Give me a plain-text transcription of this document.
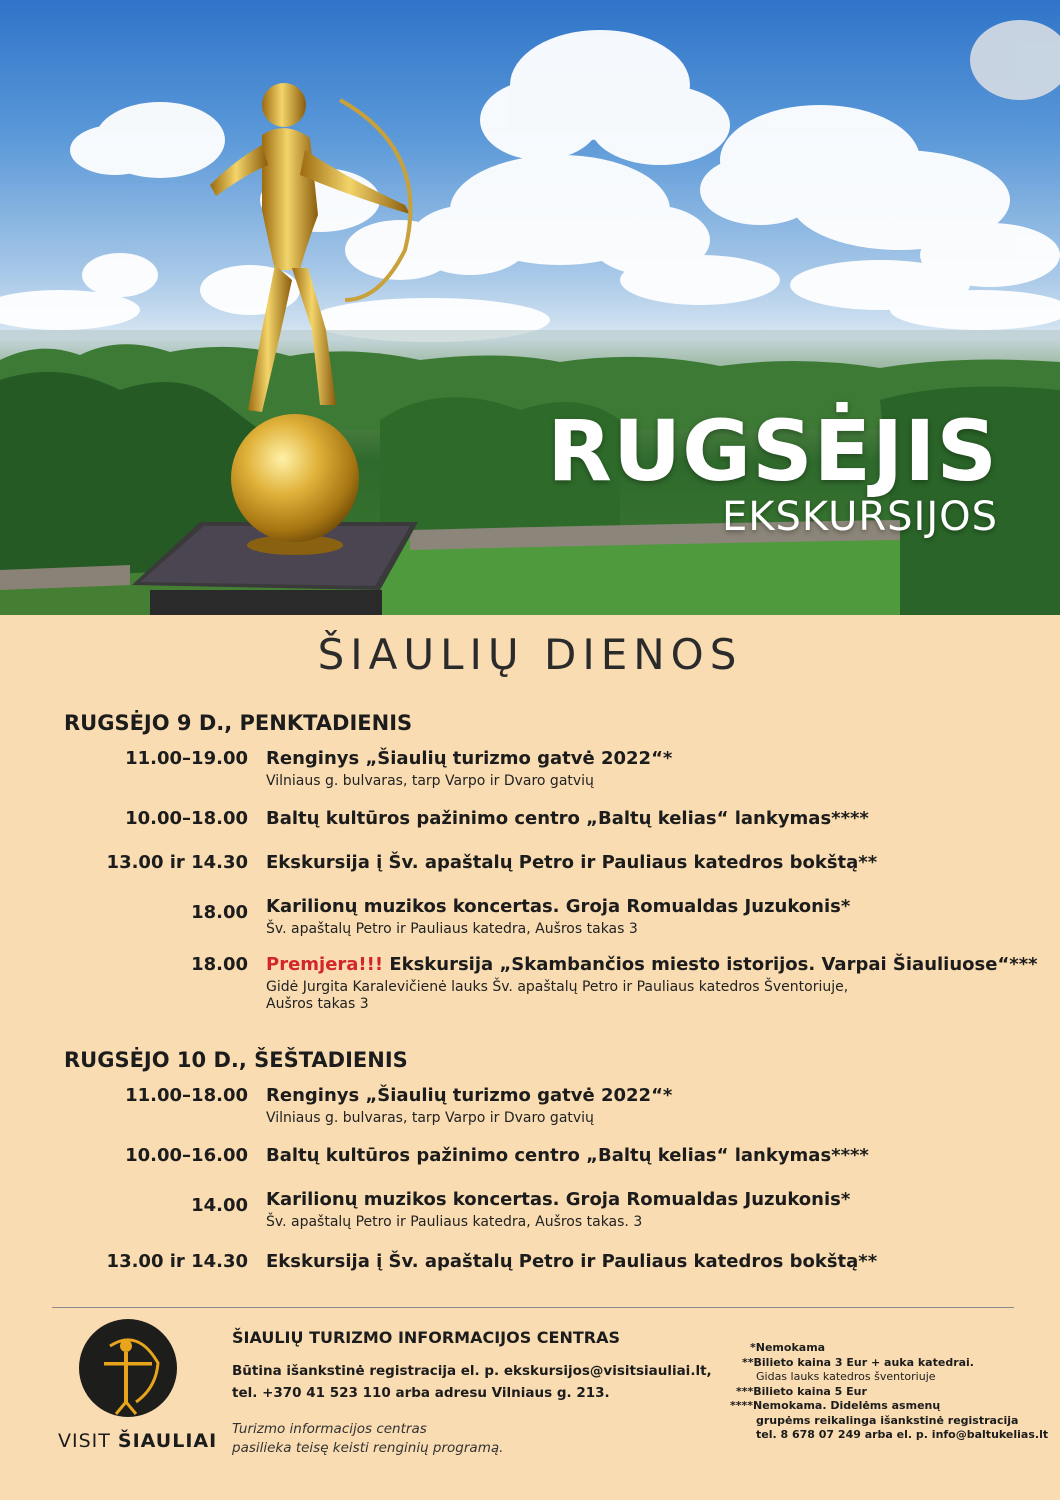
RUGSĖJIS
EKSKURSIJOS
ŠIAULIŲ DIENOS
RUGSĖJO 9 D., PENKTADIENIS
11.00–19.00 Renginys „Šiaulių turizmo gatvė 2022“*
Vilniaus g. bulvaras, tarp Varpo ir Dvaro gatvių
10.00–18.00 Baltų kultūros pažinimo centro „Baltų kelias“ lankymas****
13.00 ir 14.30 Ekskursija į Šv. apaštalų Petro ir Pauliaus katedros bokštą**
18.00 Karilionų muzikos koncertas. Groja Romualdas Juzukonis*
Šv. apaštalų Petro ir Pauliaus katedra, Aušros takas 3
18.00 Premjera!!! Ekskursija „Skambančios miesto istorijos. Varpai Šiauliuose“***
Gidė Jurgita Karalevičienė lauks Šv. apaštalų Petro ir Pauliaus katedros Šventoriuje,
Aušros takas 3
RUGSĖJO 10 D., ŠEŠTADIENIS
11.00–18.00 Renginys „Šiaulių turizmo gatvė 2022“*
Vilniaus g. bulvaras, tarp Varpo ir Dvaro gatvių
10.00–16.00 Baltų kultūros pažinimo centro „Baltų kelias“ lankymas****
14.00 Karilionų muzikos koncertas. Groja Romualdas Juzukonis*
Šv. apaštalų Petro ir Pauliaus katedra, Aušros takas. 3
13.00 ir 14.30 Ekskursija į Šv. apaštalų Petro ir Pauliaus katedros bokštą**
VISIT ŠIAULIAI
ŠIAULIŲ TURIZMO INFORMACIJOS CENTRAS
Būtina išankstinė registracija el. p. ekskursijos@visitsiauliai.lt,
tel. +370 41 523 110 arba adresu Vilniaus g. 213.
Turizmo informacijos centras
pasilieka teisę keisti renginių programą.
*Nemokama
**Bilieto kaina 3 Eur + auka katedrai.
Gidas lauks katedros šventoriuje
***Bilieto kaina 5 Eur
****Nemokama. Didelėms asmenų
grupėms reikalinga išankstinė registracija
tel. 8 678 07 249 arba el. p. info@baltukelias.lt
